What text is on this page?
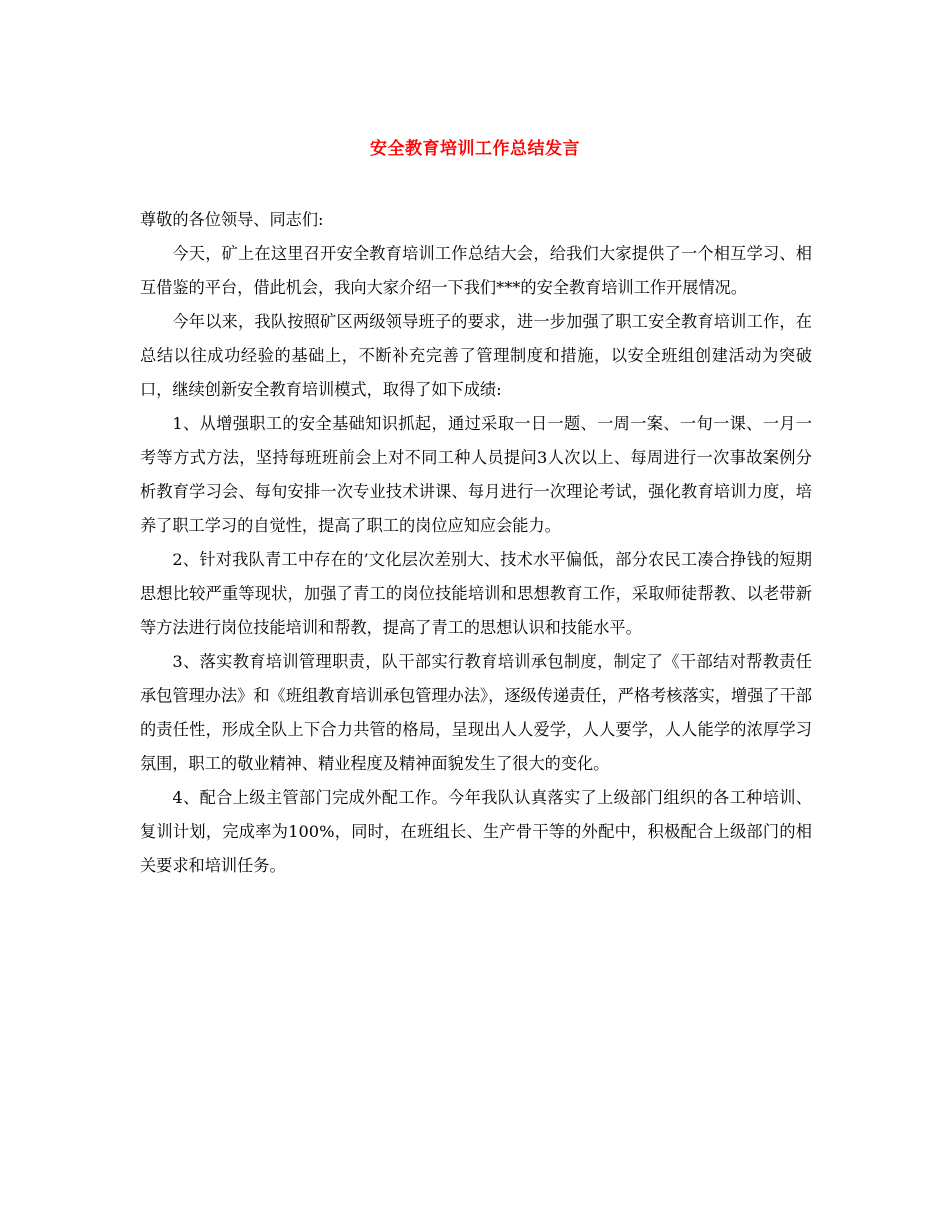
安全教育培训工作总结发言

尊敬的各位领导、同志们:

今天，矿上在这里召开安全教育培训工作总结大会，给我们大家提供了一个相互学习、相互借鉴的平台，借此机会，我向大家介绍一下我们***的安全教育培训工作开展情况。

今年以来，我队按照矿区两级领导班子的要求，进一步加强了职工安全教育培训工作，在总结以往成功经验的基础上，不断补充完善了管理制度和措施，以安全班组创建活动为突破口，继续创新安全教育培训模式，取得了如下成绩:

1、从增强职工的安全基础知识抓起，通过采取一日一题、一周一案、一旬一课、一月一考等方式方法，坚持每班班前会上对不同工种人员提问3人次以上、每周进行一次事故案例分析教育学习会、每旬安排一次专业技术讲课、每月进行一次理论考试，强化教育培训力度，培养了职工学习的自觉性，提高了职工的岗位应知应会能力。

2、针对我队青工中存在的’文化层次差别大、技术水平偏低，部分农民工凑合挣钱的短期思想比较严重等现状，加强了青工的岗位技能培训和思想教育工作，采取师徒帮教、以老带新等方法进行岗位技能培训和帮教，提高了青工的思想认识和技能水平。

3、落实教育培训管理职责，队干部实行教育培训承包制度，制定了《干部结对帮教责任承包管理办法》和《班组教育培训承包管理办法》，逐级传递责任，严格考核落实，增强了干部的责任性，形成全队上下合力共管的格局，呈现出人人爱学，人人要学，人人能学的浓厚学习氛围，职工的敬业精神、精业程度及精神面貌发生了很大的变化。

4、配合上级主管部门完成外配工作。今年我队认真落实了上级部门组织的各工种培训、复训计划，完成率为100%，同时，在班组长、生产骨干等的外配中，积极配合上级部门的相关要求和培训任务。
